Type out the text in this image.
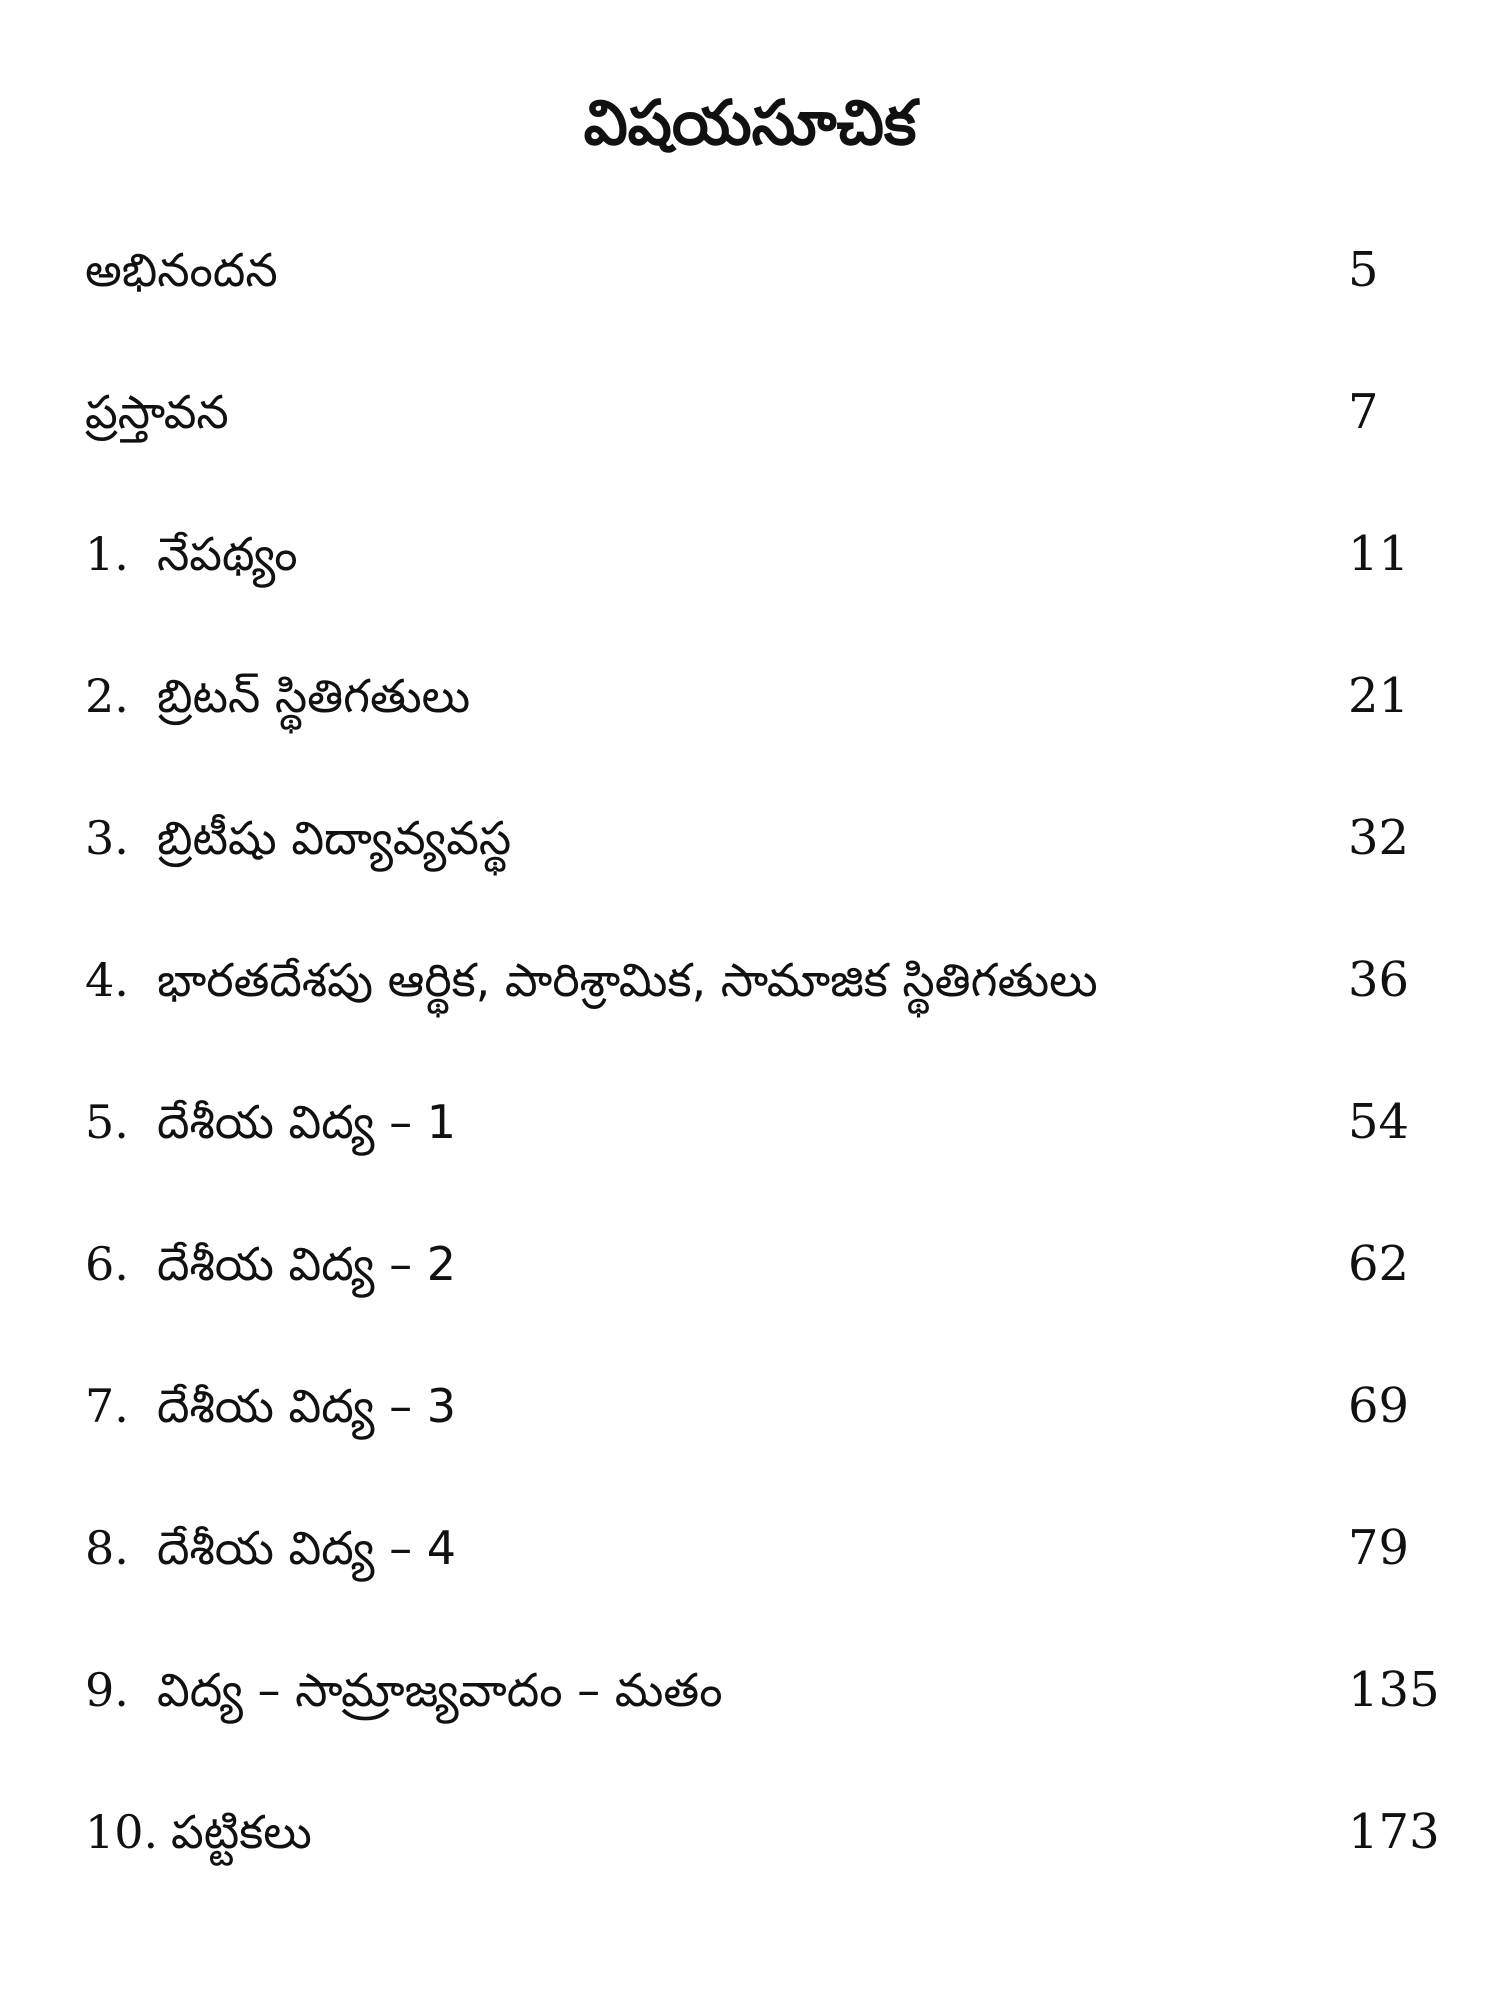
విషయసూచిక
అభినందన	5
ప్రస్తావన	7
1. నేపథ్యం	11
2. బ్రిటన్ స్థితిగతులు	21
3. బ్రిటీషు విద్యావ్యవస్థ	32
4. భారతదేశపు ఆర్థిక, పారిశ్రామిక, సామాజిక స్థితిగతులు	36
5. దేశీయ విద్య – 1	54
6. దేశీయ విద్య – 2	62
7. దేశీయ విద్య – 3	69
8. దేశీయ విద్య – 4	79
9. విద్య – సామ్రాజ్యవాదం – మతం	135
10. పట్టికలు	173
